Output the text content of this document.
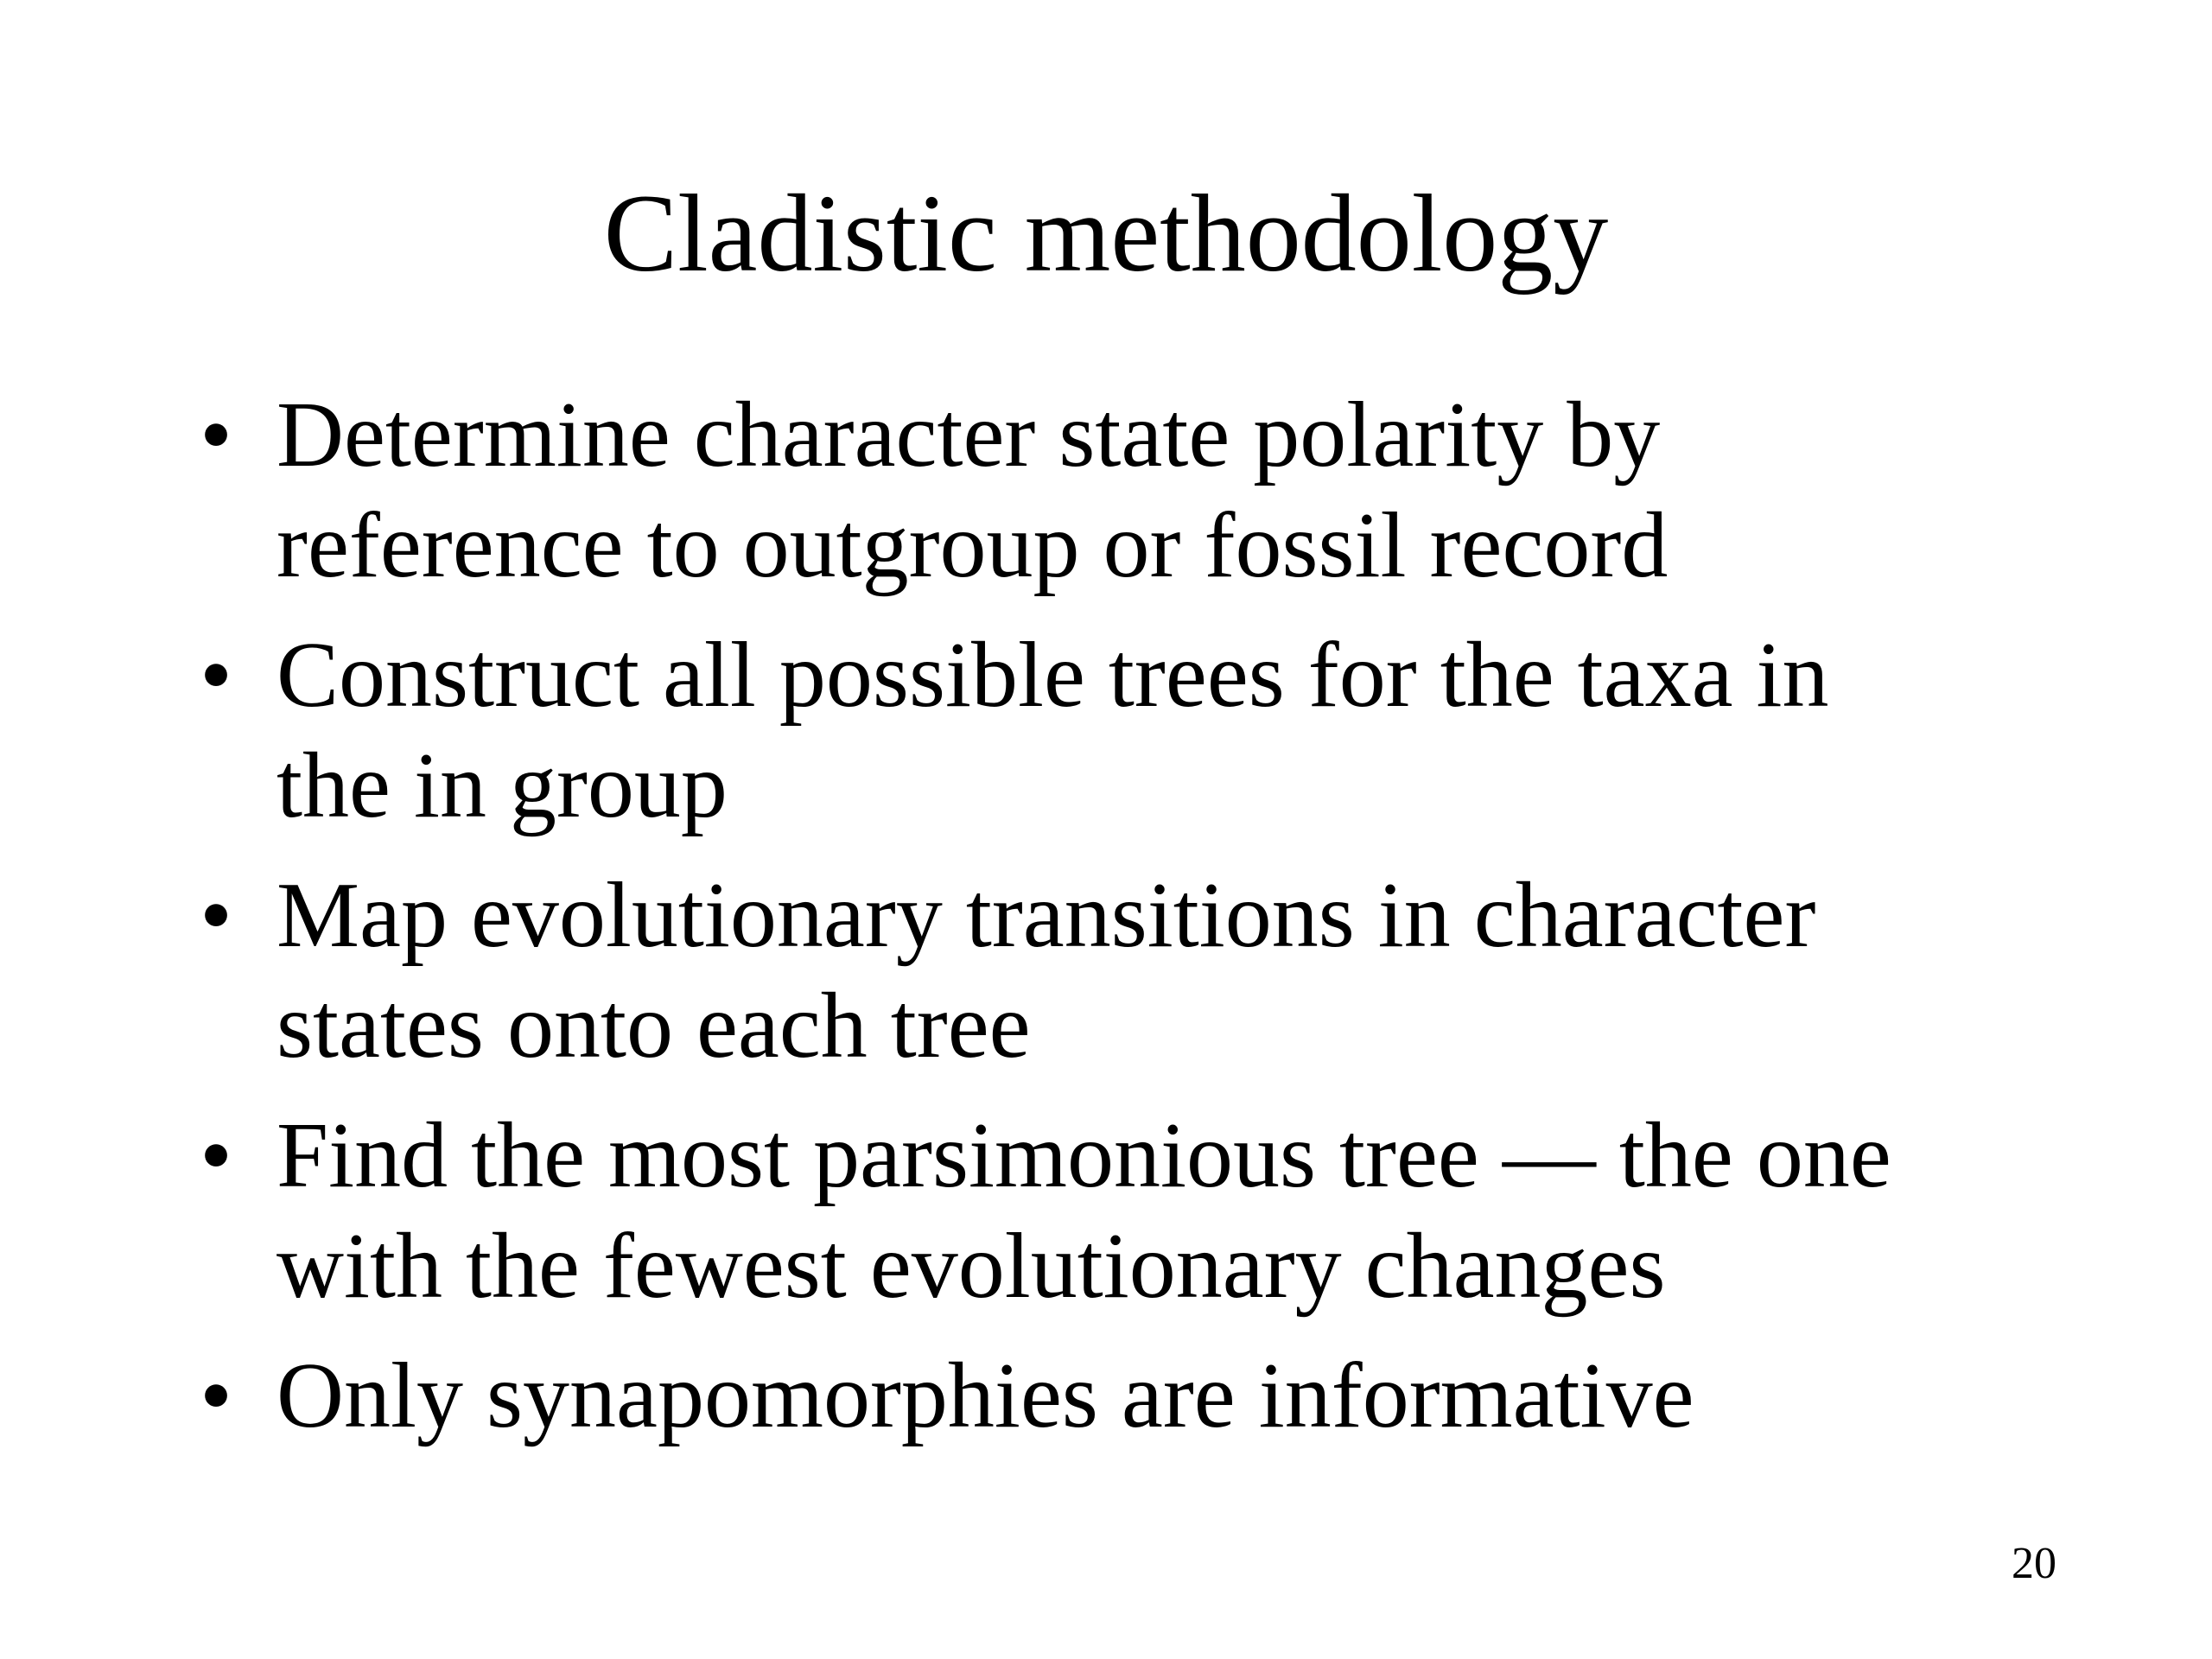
Cladistic methodology
• Determine character state polarity by
reference to outgroup or fossil record
• Construct all possible trees for the taxa in
the in group
• Map evolutionary transitions in character
states onto each tree
• Find the most parsimonious tree — the one
with the fewest evolutionary changes
• Only synapomorphies are informative
20
